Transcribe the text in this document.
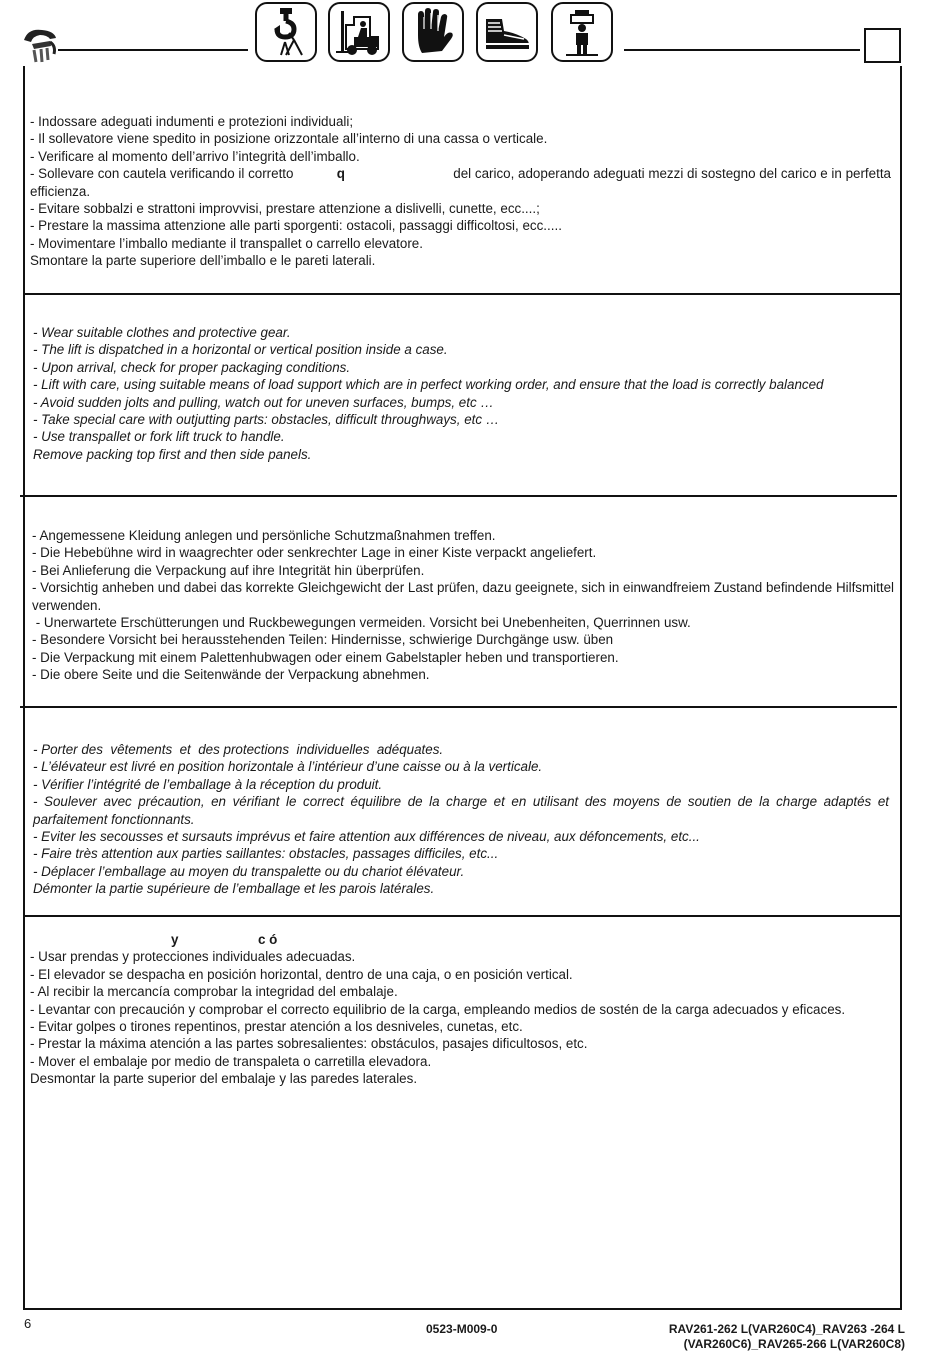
- Indossare adeguati indumenti e protezioni individuali;

- Il sollevatore viene spedito in posizione orizzontale all’interno di una cassa o verticale.

- Verificare al momento dell’arrivo l’integrità dell’imballo.

- Sollevare con cautela verificando il corretto	q	del carico, adoperando adeguati mezzi di sostegno del carico e in perfetta

efficienza.

- Evitare sobbalzi e strattoni improvvisi, prestare attenzione a dislivelli, cunette, ecc....;

- Prestare la massima attenzione alle parti sporgenti: ostacoli, passaggi difficoltosi, ecc.....

- Movimentare l’imballo mediante il transpallet o carrello elevatore.

Smontare la parte superiore dell’imballo e le pareti laterali.

- Wear suitable clothes and protective gear.

- The lift is dispatched in a horizontal or vertical position inside a case.

- Upon arrival, check for proper packaging conditions.

- Lift with care, using suitable means of load support which are in perfect working order, and ensure that the load is correctly balanced

- Avoid sudden jolts and pulling, watch out for uneven surfaces, bumps, etc …

- Take special care with outjutting parts: obstacles, difficult throughways, etc …

- Use transpallet or fork lift truck to handle.

Remove packing top first and then side panels.

- Angemessene Kleidung anlegen und persönliche Schutzmaßnahmen treffen.

- Die Hebebühne wird in waagrechter oder senkrechter Lage in einer Kiste verpackt angeliefert.

- Bei Anlieferung die Verpackung auf ihre Integrität hin überprüfen.

- Vorsichtig anheben und dabei das korrekte Gleichgewicht der Last prüfen, dazu geeignete, sich in einwandfreiem Zustand befindende Hilfsmittel verwenden.

- Unerwartete Erschütterungen und Ruckbewegungen vermeiden. Vorsicht bei Unebenheiten, Querrinnen usw.

- Besondere Vorsicht bei herausstehenden Teilen: Hindernisse, schwierige Durchgänge usw. üben

- Die Verpackung mit einem Palettenhubwagen oder einem Gabelstapler heben und transportieren.

- Die obere Seite und die Seitenwände der Verpackung abnehmen.

- Porter des  vêtements  et  des protections  individuelles  adéquates.

- L’élévateur est livré en position horizontale à l’intérieur d’une caisse ou à la verticale.

- Vérifier l’intégrité de l’emballage à la réception du produit.

- Soulever avec précaution, en vérifiant le correct équilibre de la charge et en utilisant des moyens de soutien de la charge adaptés et parfaitement fonctionnants.

- Eviter les secousses et sursauts imprévus et faire attention aux différences de niveau, aux défoncements, etc...

- Faire très attention aux parties saillantes: obstacles, passages difficiles, etc...

- Déplacer l’emballage au moyen du transpalette ou du chariot élévateur.

Démonter la partie supérieure de l’emballage et les parois latérales.

y	c ó

- Usar prendas y protecciones individuales adecuadas.

- El elevador se despacha en posición horizontal, dentro de una caja, o en posición vertical.

- Al recibir la mercancía comprobar la integridad del embalaje.

- Levantar con precaución y comprobar el correcto equilibrio de la carga, empleando medios de sostén de la carga adecuados y eficaces.

- Evitar golpes o tirones repentinos, prestar atención a los desniveles, cunetas, etc.

- Prestar la máxima atención a las partes sobresalientes: obstáculos, pasajes dificultosos, etc.

- Mover el embalaje por medio de transpaleta o carretilla elevadora.

Desmontar la parte superior del embalaje y las paredes laterales.

6	0523-M009-0	RAV261-262 L(VAR260C4)_RAV263 -264 L
(VAR260C6)_RAV265-266 L(VAR260C8)
